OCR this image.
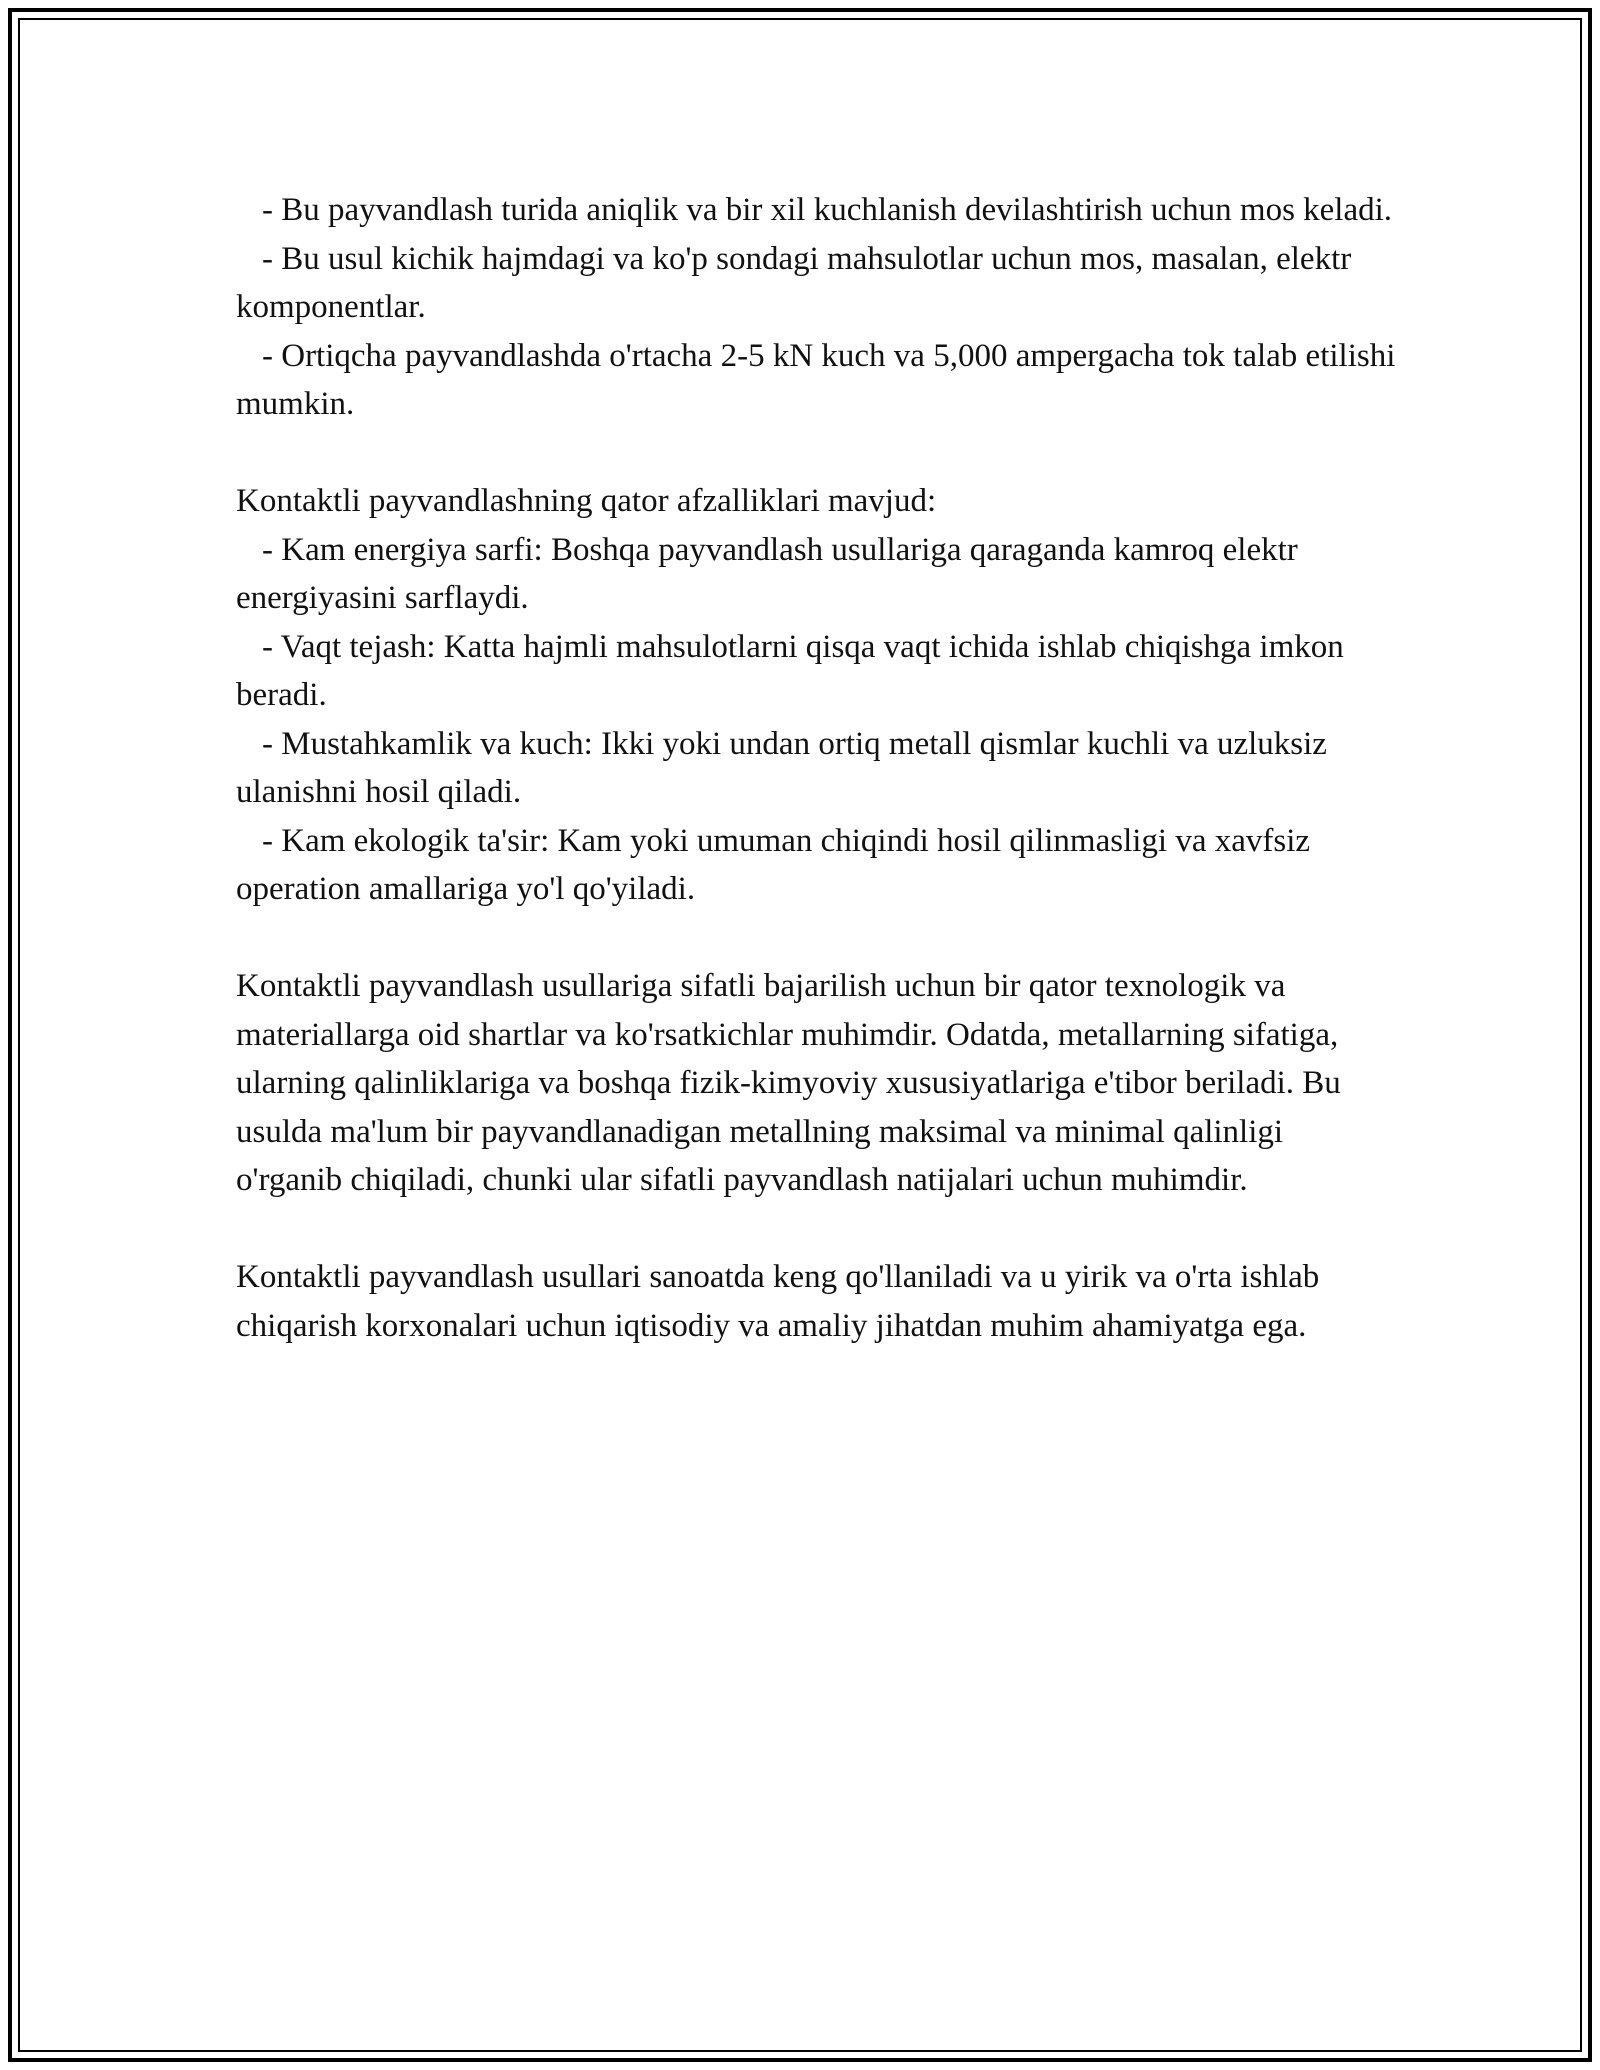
- Bu payvandlash turida aniqlik va bir xil kuchlanish devilashtirish uchun mos keladi.

- Bu usul kichik hajmdagi va ko'p sondagi mahsulotlar uchun mos, masalan, elektr komponentlar.

- Ortiqcha payvandlashda o'rtacha 2-5 kN kuch va 5,000 ampergacha tok talab etilishi mumkin.

Kontaktli payvandlashning qator afzalliklari mavjud:

- Kam energiya sarfi: Boshqa payvandlash usullariga qaraganda kamroq elektr energiyasini sarflaydi.

- Vaqt tejash: Katta hajmli mahsulotlarni qisqa vaqt ichida ishlab chiqishga imkon beradi.

- Mustahkamlik va kuch: Ikki yoki undan ortiq metall qismlar kuchli va uzluksiz ulanishni hosil qiladi.

- Kam ekologik ta'sir: Kam yoki umuman chiqindi hosil qilinmasligi va xavfsiz operation amallariga yo'l qo'yiladi.

Kontaktli payvandlash usullariga sifatli bajarilish uchun bir qator texnologik va materiallarga oid shartlar va ko'rsatkichlar muhimdir. Odatda, metallarning sifatiga, ularning qalinliklariga va boshqa fizik-kimyoviy xususiyatlariga e'tibor beriladi. Bu usulda ma'lum bir payvandlanadigan metallning maksimal va minimal qalinligi o'rganib chiqiladi, chunki ular sifatli payvandlash natijalari uchun muhimdir.

Kontaktli payvandlash usullari sanoatda keng qo'llaniladi va u yirik va o'rta ishlab chiqarish korxonalari uchun iqtisodiy va amaliy jihatdan muhim ahamiyatga ega.
